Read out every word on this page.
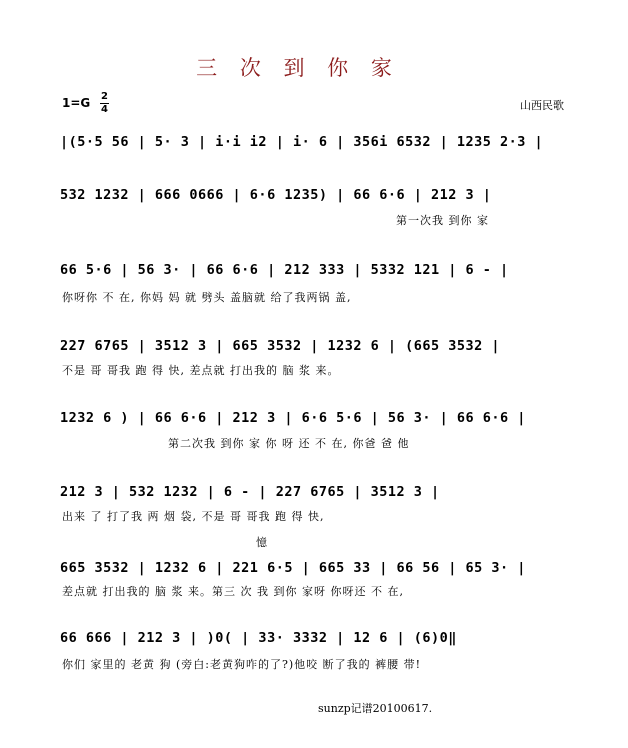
三 次 到 你 家
1=G 2
4	山西民歌
|(5·5 56 | 5· 3 | i·i i2 | i· 6 | 356i 6532 | 1235 2·3 |
532 1232 | 666 0666 | 6·6 1235) | 66 6·6 | 212 3 |
第一次我 到你 家
66 5·6 | 56 3· | 66 6·6 | 212 333 | 5332 121 | 6 - |
你呀你 不 在, 你妈 妈 就 劈头 盖脑就 给了我两锅 盖,
227 6765 | 3512 3 | 665 3532 | 1232 6 | (665 3532 |
不是 哥 哥我 跑 得 快, 差点就 打出我的 脑 浆 来。
1232 6 ) | 66 6·6 | 212 3 | 6·6 5·6 | 56 3· | 66 6·6 |
第二次我 到你 家 你 呀 还 不 在, 你爸 爸 他
212 3 | 532 1232 | 6 - | 227 6765 | 3512 3 |
出来 了 打了我 两 烟 袋, 不是 哥 哥我 跑 得 快,
憶
665 3532 | 1232 6 | 221 6·5 | 665 33 | 66 56 | 65 3· |
差点就 打出我的 脑 浆 来。第三 次 我 到你 家呀 你呀还 不 在,
66 666 | 212 3 | )0( | 33· 3332 | 12 6 | (6)0‖
你们 家里的 老黄 狗 (旁白:老黄狗咋的了?)他咬 断了我的 裤腰 带!
sunzp记谱20100617.
